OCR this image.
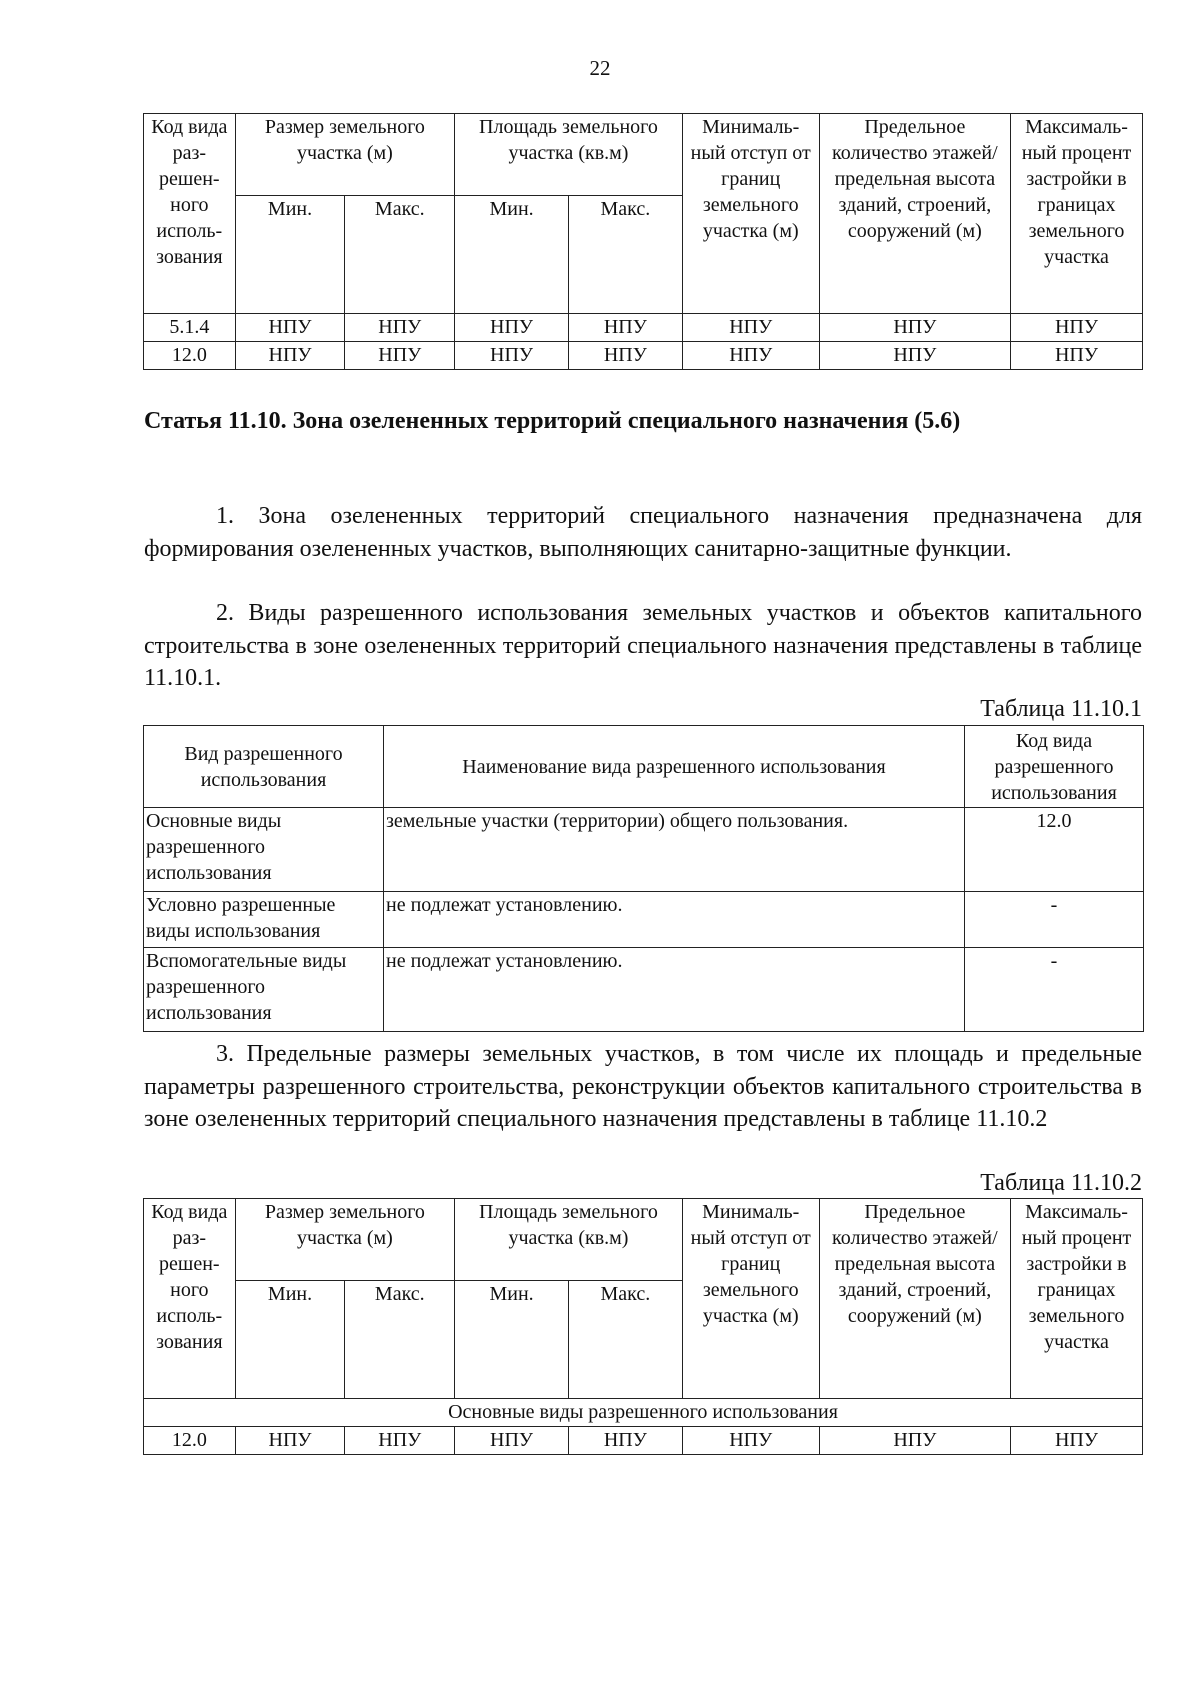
22
Код вида раз-решен-ного исполь-зования	Размер земельного участка (м)		Площадь земельного участка (кв.м)		Минималь-ный отступ от границ земельного участка (м)	Предельное количество этажей/ предельная высота зданий, строений, сооружений (м)	Максималь-ный процент застройки в границах земельного участка
	Мин.	Макс.	Мин.	Макс.			
5.1.4	НПУ	НПУ	НПУ	НПУ	НПУ	НПУ	НПУ
12.0	НПУ	НПУ	НПУ	НПУ	НПУ	НПУ	НПУ
Статья 11.10. Зона озелененных территорий специального назначения (5.6)

1. Зона озелененных территорий специального назначения предназначена для формирования озелененных участков, выполняющих санитарно-защитные функции.

2. Виды разрешенного использования земельных участков и объектов капитального строительства в зоне озелененных территорий специального назначения представлены в таблице 11.10.1.

Таблица 11.10.1
Вид разрешенного использования	Наименование вида разрешенного использования	Код вида разрешенного использования
Основные виды разрешенного использования	земельные участки (территории) общего пользования.	12.0
Условно разрешенные виды использования	не подлежат установлению.	-
Вспомогательные виды разрешенного использования	не подлежат установлению.	-

3. Предельные размеры земельных участков, в том числе их площадь и предельные параметры разрешенного строительства, реконструкции объектов капитального строительства в зоне озелененных территорий специального назначения представлены в таблице 11.10.2

Таблица 11.10.2
Код вида раз-решен-ного исполь-зования	Размер земельного участка (м)		Площадь земельного участка (кв.м)		Минималь-ный отступ от границ земельного участка (м)	Предельное количество этажей/ предельная высота зданий, строений, сооружений (м)	Максималь-ный процент застройки в границах земельного участка
	Мин.	Макс.	Мин.	Макс.			
Основные виды разрешенного использования							
12.0	НПУ	НПУ	НПУ	НПУ	НПУ	НПУ	НПУ
